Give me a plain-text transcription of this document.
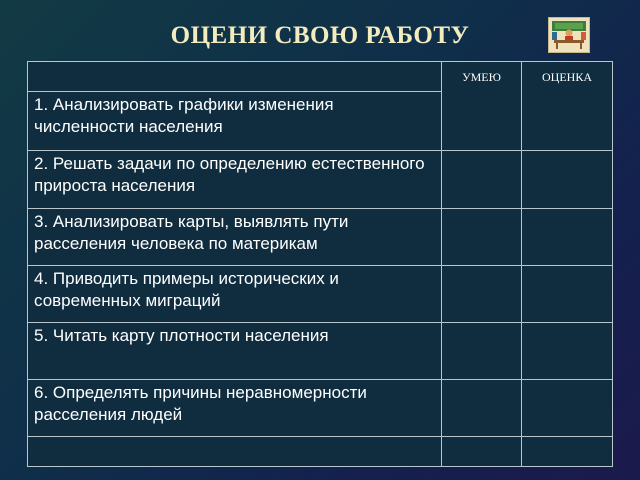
ОЦЕНИ СВОЮ РАБОТУ
	УМЕЮ	ОЦЕНКА
1. Анализировать графики изменения численности населения		
2. Решать задачи по определению естественного прироста населения		
3. Анализировать карты, выявлять пути расселения человека по материкам		
4. Приводить примеры исторических и современных миграций		
5. Читать карту плотности населения		
6. Определять причины неравномерности расселения людей		
